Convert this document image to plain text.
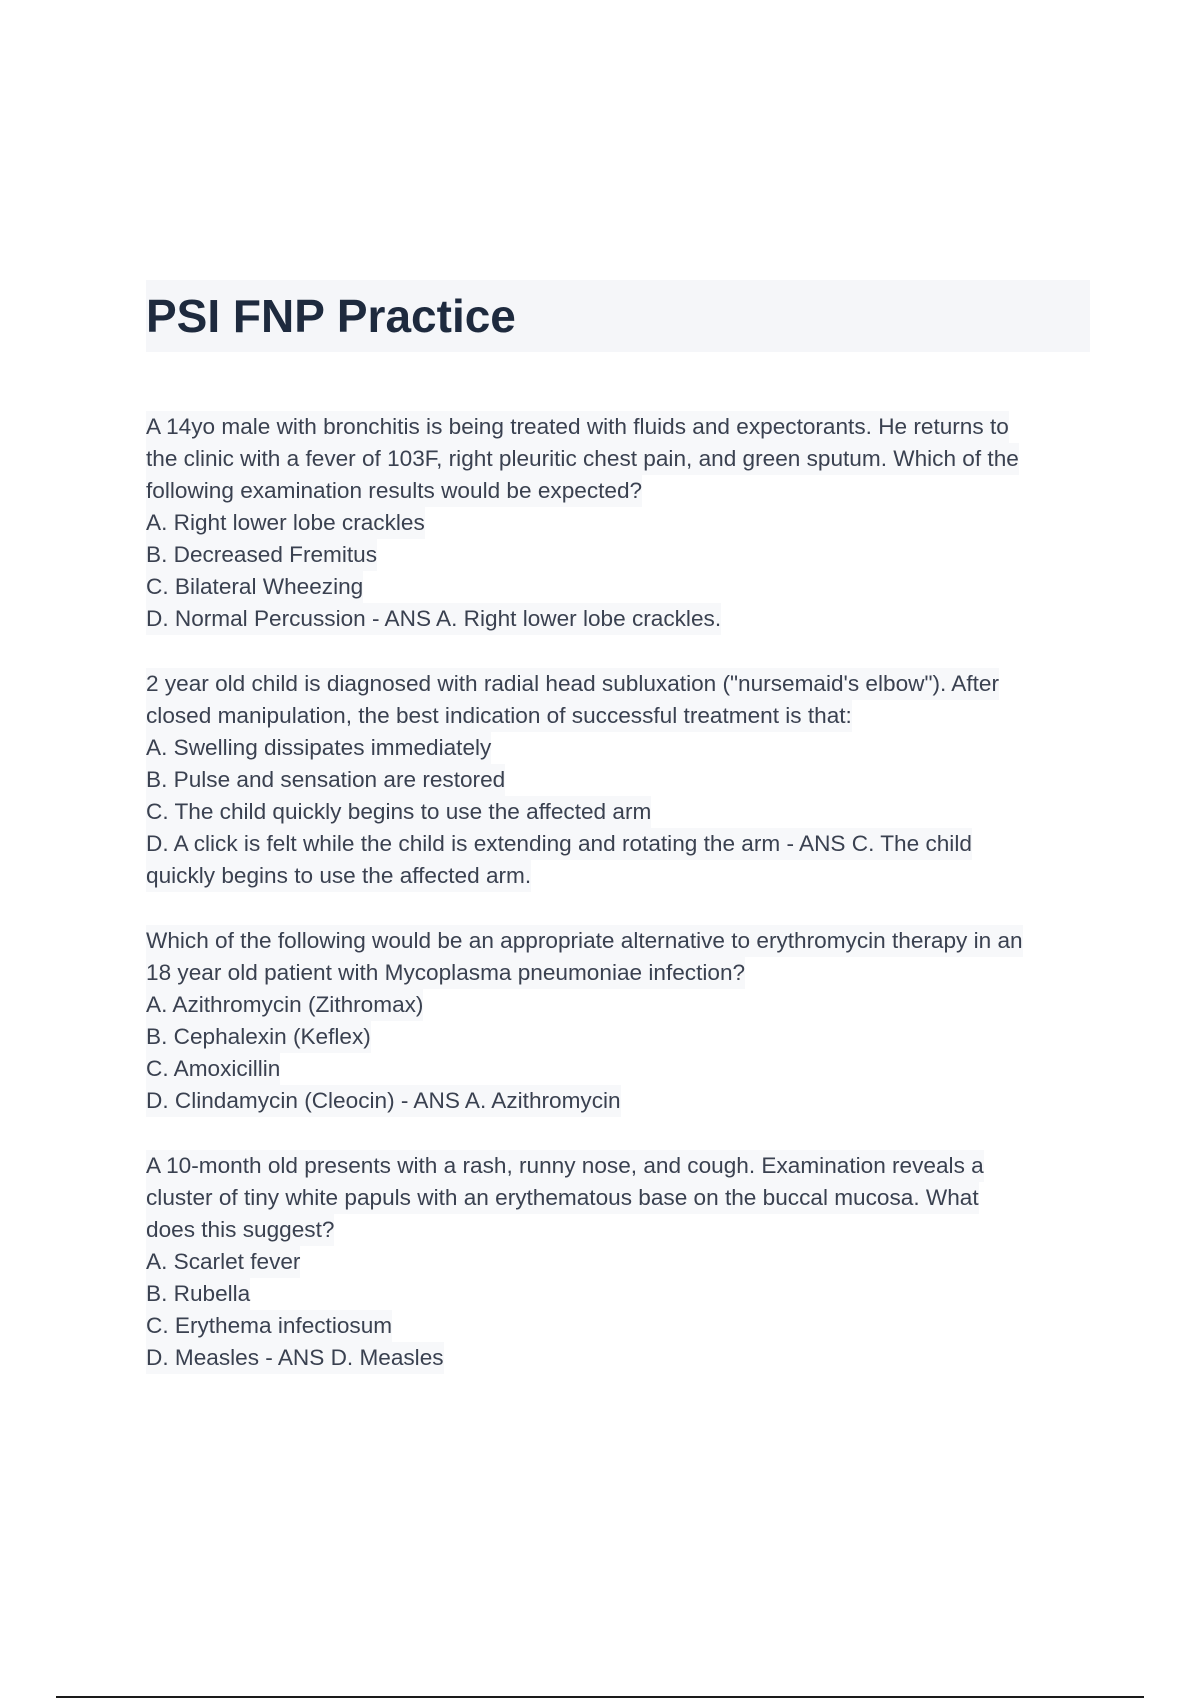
PSI FNP Practice
A 14yo male with bronchitis is being treated with fluids and expectorants. He returns to
the clinic with a fever of 103F, right pleuritic chest pain, and green sputum. Which of the
following examination results would be expected?
A. Right lower lobe crackles
B. Decreased Fremitus
C. Bilateral Wheezing
D. Normal Percussion - ANS A. Right lower lobe crackles.
2 year old child is diagnosed with radial head subluxation ("nursemaid's elbow"). After
closed manipulation, the best indication of successful treatment is that:
A. Swelling dissipates immediately
B. Pulse and sensation are restored
C. The child quickly begins to use the affected arm
D. A click is felt while the child is extending and rotating the arm - ANS C. The child
quickly begins to use the affected arm.
Which of the following would be an appropriate alternative to erythromycin therapy in an
18 year old patient with Mycoplasma pneumoniae infection?
A. Azithromycin (Zithromax)
B. Cephalexin (Keflex)
C. Amoxicillin
D. Clindamycin (Cleocin) - ANS A. Azithromycin
A 10-month old presents with a rash, runny nose, and cough. Examination reveals a
cluster of tiny white papuls with an erythematous base on the buccal mucosa. What
does this suggest?
A. Scarlet fever
B. Rubella
C. Erythema infectiosum
D. Measles - ANS D. Measles
